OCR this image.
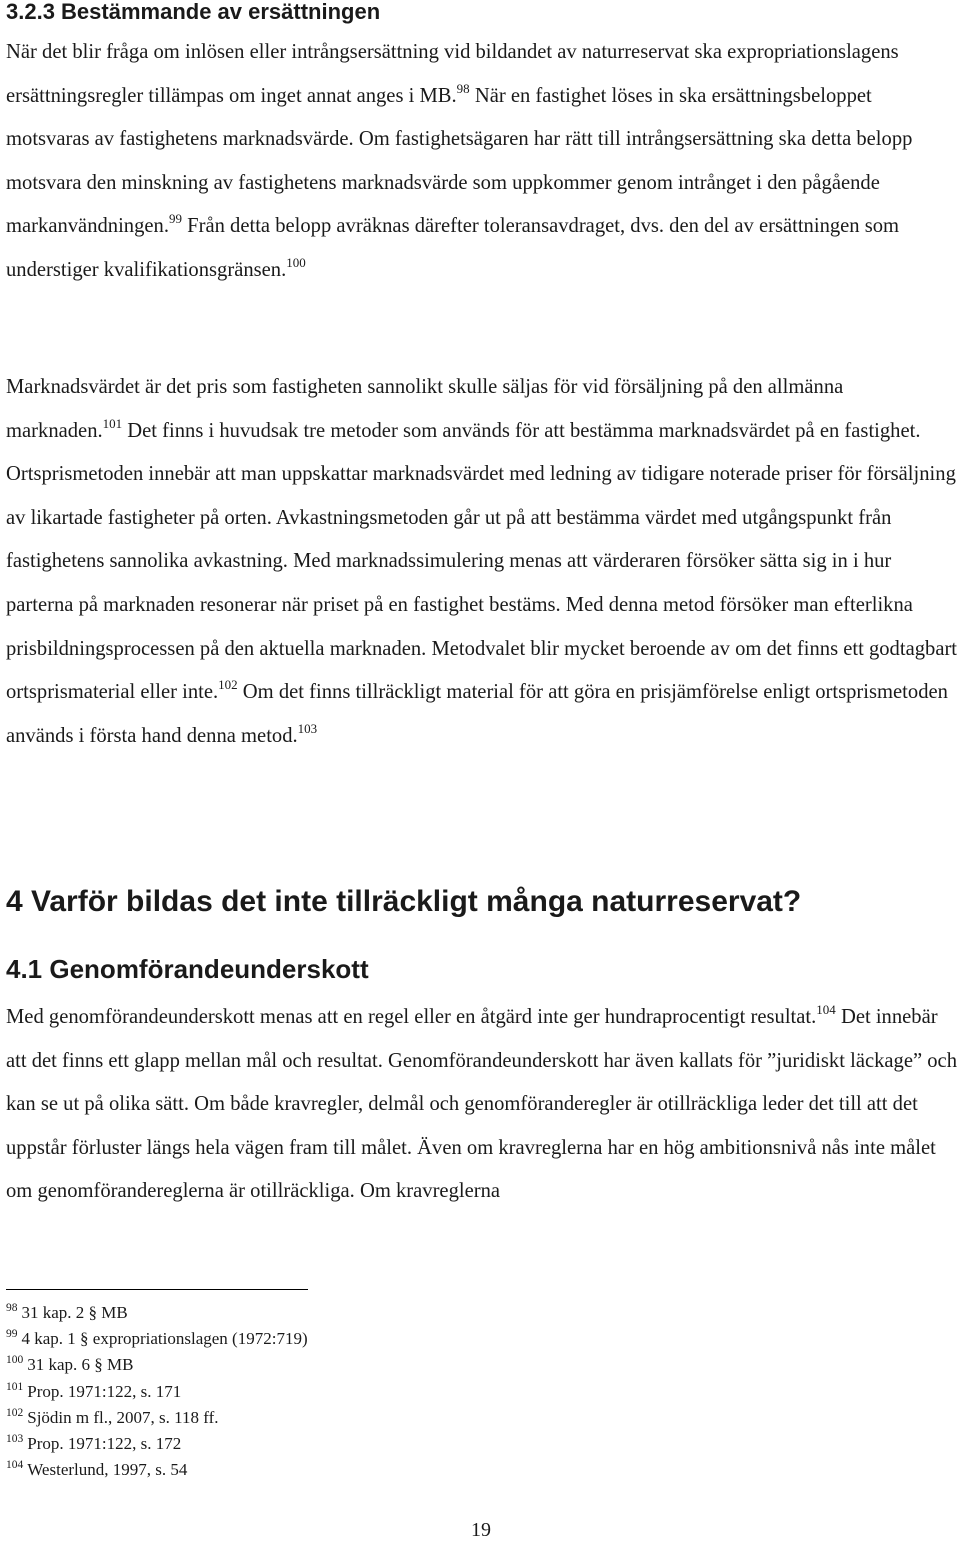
3.2.3 Bestämmande av ersättningen

När det blir fråga om inlösen eller intrångsersättning vid bildandet av naturreservat ska expropriationslagens ersättningsregler tillämpas om inget annat anges i MB.$^{98}$ När en fastighet löses in ska ersättningsbeloppet motsvaras av fastighetens marknadsvärde. Om fastighetsägaren har rätt till intrångsersättning ska detta belopp motsvara den minskning av fastighetens marknadsvärde som uppkommer genom intrånget i den pågående markanvändningen.$^{99}$ Från detta belopp avräknas därefter toleransavdraget, dvs. den del av ersättningen som understiger kvalifikationsgränsen.$^{100}$

Marknadsvärdet är det pris som fastigheten sannolikt skulle säljas för vid försäljning på den allmänna marknaden.$^{101}$ Det finns i huvudsak tre metoder som används för att bestämma marknadsvärdet på en fastighet. Ortsprismetoden innebär att man uppskattar marknadsvärdet med ledning av tidigare noterade priser för försäljning av likartade fastigheter på orten. Avkastningsmetoden går ut på att bestämma värdet med utgångspunkt från fastighetens sannolika avkastning. Med marknadssimulering menas att värderaren försöker sätta sig in i hur parterna på marknaden resonerar när priset på en fastighet bestäms. Med denna metod försöker man efterlikna prisbildningsprocessen på den aktuella marknaden. Metodvalet blir mycket beroende av om det finns ett godtagbart ortsprismaterial eller inte.$^{102}$ Om det finns tillräckligt material för att göra en prisjämförelse enligt ortsprismetoden används i första hand denna metod.$^{103}$

4 Varför bildas det inte tillräckligt många naturreservat?
4.1 Genomförandeunderskott

Med genomförandeunderskott menas att en regel eller en åtgärd inte ger hundraprocentigt resultat.$^{104}$ Det innebär att det finns ett glapp mellan mål och resultat. Genomförandeunderskott har även kallats för ”juridiskt läckage” och kan se ut på olika sätt. Om både kravregler, delmål och genomföranderegler är otillräckliga leder det till att det uppstår förluster längs hela vägen fram till målet. Även om kravreglerna har en hög ambitionsnivå nås inte målet om genomförandereglerna är otillräckliga. Om kravreglerna

$^{98}$ 31 kap. 2 § MB
$^{99}$ 4 kap. 1 § expropriationslagen (1972:719)
$^{100}$ 31 kap. 6 § MB
$^{101}$ Prop. 1971:122, s. 171
$^{102}$ Sjödin m fl., 2007, s. 118 ff.
$^{103}$ Prop. 1971:122, s. 172
$^{104}$ Westerlund, 1997, s. 54
19
